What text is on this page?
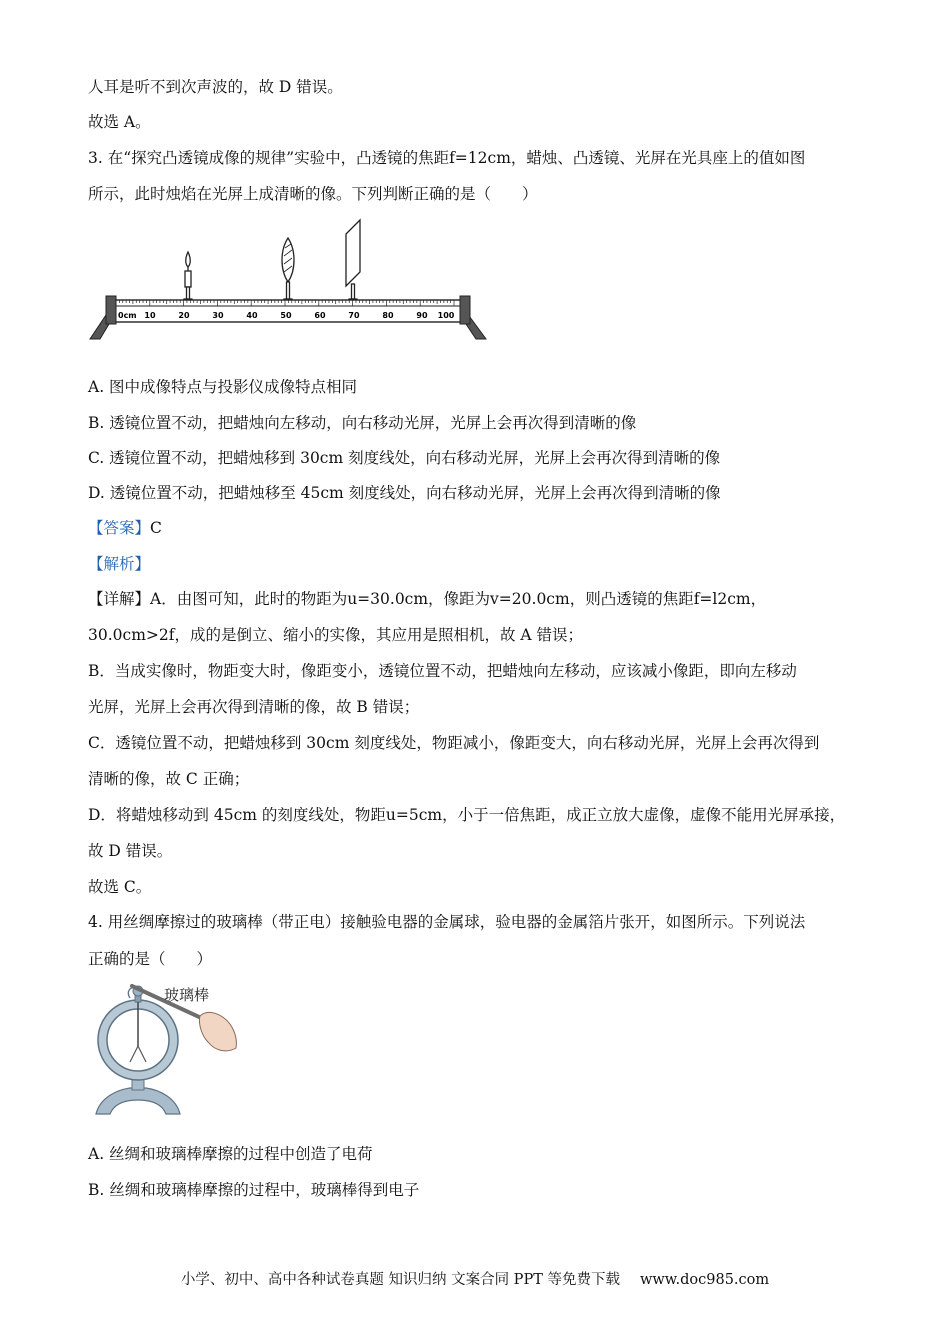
人耳是听不到次声波的，故 D 错误。
故选 A。
3. 在“探究凸透镜成像的规律”实验中，凸透镜的焦距f=12cm，蜡烛、凸透镜、光屏在光具座上的值如图
所示，此时烛焰在光屏上成清晰的像。下列判断正确的是（　　）
0cm 10	20	30	40	50	60	70	80	90 100
A. 图中成像特点与投影仪成像特点相同
B. 透镜位置不动，把蜡烛向左移动，向右移动光屏，光屏上会再次得到清晰的像
C. 透镜位置不动，把蜡烛移到 30cm 刻度线处，向右移动光屏，光屏上会再次得到清晰的像
D. 透镜位置不动，把蜡烛移至 45cm 刻度线处，向右移动光屏，光屏上会再次得到清晰的像
【答案】C
【解析】
【详解】A．由图可知，此时的物距为u=30.0cm，像距为v=20.0cm，则凸透镜的焦距f=l2cm，
30.0cm>2f，成的是倒立、缩小的实像，其应用是照相机，故 A 错误；
B．当成实像时，物距变大时，像距变小，透镜位置不动，把蜡烛向左移动，应该减小像距，即向左移动
光屏，光屏上会再次得到清晰的像，故 B 错误；
C．透镜位置不动，把蜡烛移到 30cm 刻度线处，物距减小，像距变大，向右移动光屏，光屏上会再次得到
清晰的像，故 C 正确；
D．将蜡烛移动到 45cm 的刻度线处，物距u=5cm，小于一倍焦距，成正立放大虚像，虚像不能用光屏承接，
故 D 错误。
故选 C。
4. 用丝绸摩擦过的玻璃棒（带正电）接触验电器的金属球，验电器的金属箔片张开，如图所示。下列说法
正确的是（　　）
玻璃棒
A. 丝绸和玻璃棒摩擦的过程中创造了电荷
B. 丝绸和玻璃棒摩擦的过程中，玻璃棒得到电子
小学、初中、高中各种试卷真题 知识归纳 文案合同 PPT 等免费下载 www.doc985.com
